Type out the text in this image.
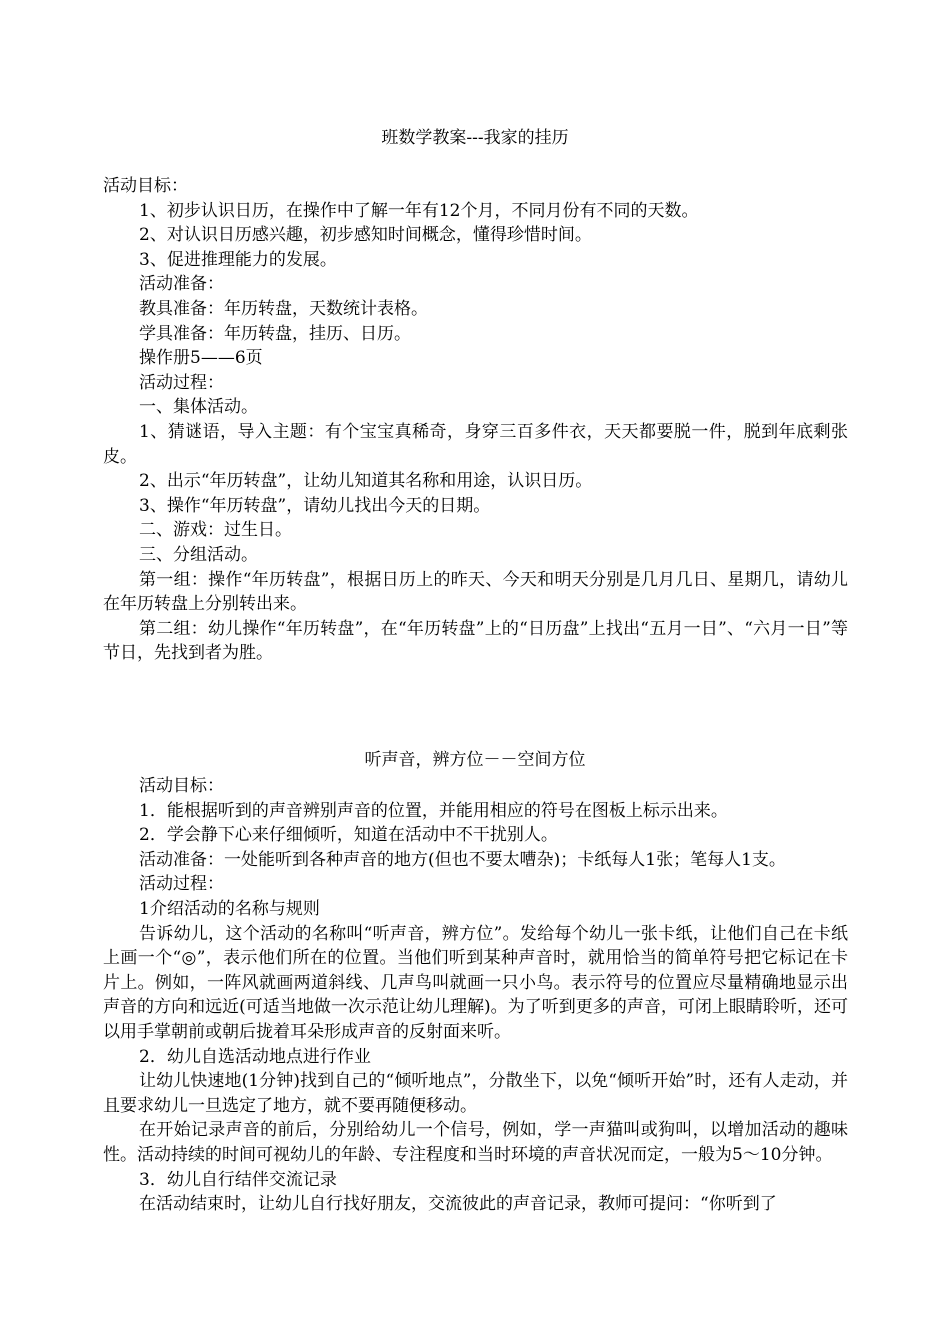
班数学教案---我家的挂历

活动目标：

1、初步认识日历，在操作中了解一年有12个月，不同月份有不同的天数。

2、对认识日历感兴趣，初步感知时间概念，懂得珍惜时间。

3、促进推理能力的发展。

活动准备：

教具准备：年历转盘，天数统计表格。

学具准备：年历转盘，挂历、日历。

操作册5——6页

活动过程：

一、集体活动。

1、猜谜语，导入主题：有个宝宝真稀奇，身穿三百多件衣，天天都要脱一件，脱到年底剩张皮。

2、出示“年历转盘”，让幼儿知道其名称和用途，认识日历。

3、操作“年历转盘”，请幼儿找出今天的日期。

二、游戏：过生日。

三、分组活动。

第一组：操作“年历转盘”，根据日历上的昨天、今天和明天分别是几月几日、星期几，请幼儿在年历转盘上分别转出来。

第二组：幼儿操作“年历转盘”，在“年历转盘”上的“日历盘”上找出“五月一日”、“六月一日”等节日，先找到者为胜。

听声音，辨方位－－空间方位

活动目标：

1．能根据听到的声音辨别声音的位置，并能用相应的符号在图板上标示出来。

2．学会静下心来仔细倾听，知道在活动中不干扰别人。

活动准备：一处能听到各种声音的地方(但也不要太嘈杂)；卡纸每人1张；笔每人1支。

活动过程：

1介绍活动的名称与规则

告诉幼儿，这个活动的名称叫“听声音，辨方位”。发给每个幼儿一张卡纸，让他们自己在卡纸上画一个“◎”，表示他们所在的位置。当他们听到某种声音时，就用恰当的简单符号把它标记在卡片上。例如，一阵风就画两道斜线、几声鸟叫就画一只小鸟。表示符号的位置应尽量精确地显示出声音的方向和远近(可适当地做一次示范让幼儿理解)。为了听到更多的声音，可闭上眼睛聆听，还可以用手掌朝前或朝后拢着耳朵形成声音的反射面来听。

2．幼儿自选活动地点进行作业

让幼儿快速地(1分钟)找到自己的“倾听地点”，分散坐下，以免“倾听开始”时，还有人走动，并且要求幼儿一旦选定了地方，就不要再随便移动。

在开始记录声音的前后，分别给幼儿一个信号，例如，学一声猫叫或狗叫，以增加活动的趣味性。活动持续的时间可视幼儿的年龄、专注程度和当时环境的声音状况而定，一般为5～10分钟。

3．幼儿自行结伴交流记录

在活动结束时，让幼儿自行找好朋友，交流彼此的声音记录，教师可提问：“你听到了
